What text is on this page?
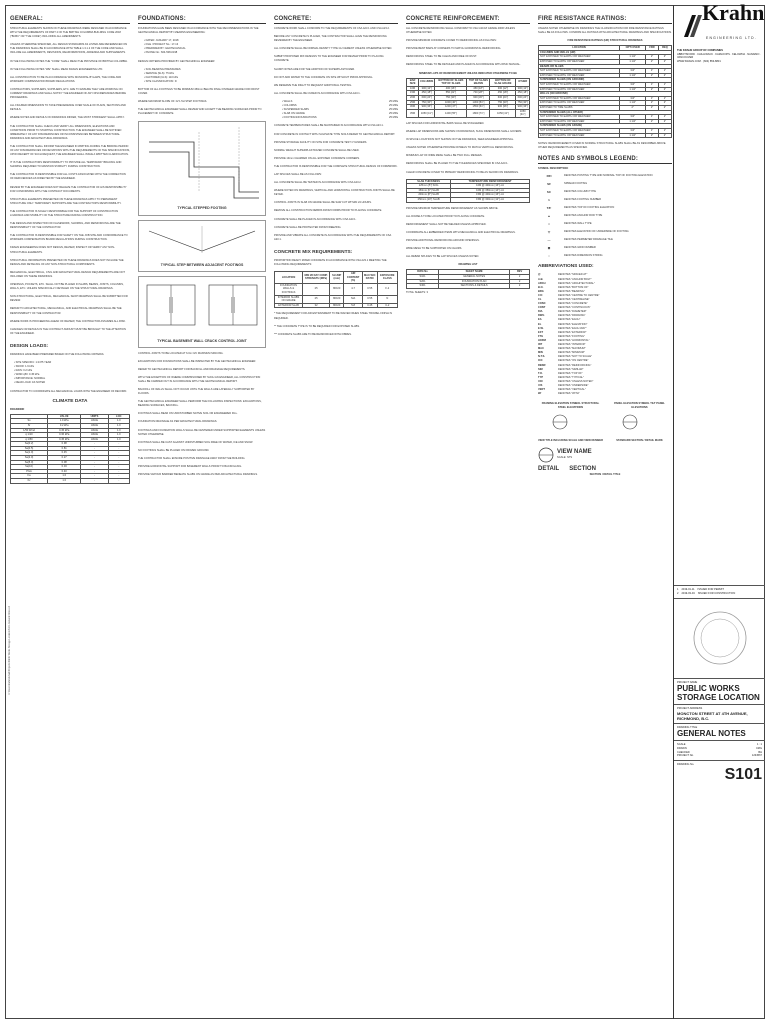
C:\Users\krahn\default\Projects\Public Works Storage Location\S101-General Notes.rvt
GENERAL:

STRUCTURAL ELEMENTS SHOWN ON THESE DRAWINGS WERE DESIGNED IN ACCORDANCE WITH THE REQUIREMENTS OF PART 4 OF THE BRITISH COLUMBIA BUILDING CODE 2018 ("BCBC" OR "THE CODE") INCLUDING ALL AMENDMENTS.

UNLESS OTHERWISE SPECIFIED, ALL DESIGN STANDARDS AS LISTED ARE REFERENCED ON THE DRAWINGS SHALL BE IN ACCORDANCE WITH TABLE 1.3.1.2 OF THE CODE AND SHALL INCLUDE ALL AMENDMENTS, REVISIONS, REAFFIRMATIONS, ADDENDA AND SUPPLEMENTS.

IN THE FOLLOWING NOTES THE "CODE" SHALL MEAN THE PROVINCE OF BRITISH COLUMBIA.

IN THE FOLLOWING NOTES "WE" SHALL MEAN KRAHN ENGINEERING LTD.

ALL CONSTRUCTION TO BE IN ACCORDANCE WITH MUNICIPAL BYLAWS, THE CODE AND WORKERS' COMPENSATION BOARD REGULATIONS.

CONTRACTORS, SUPPLIERS, SUPPLIERS, ETC. ARE TO ENSURE THEY ARE WORKING ON CURRENT DRAWINGS AND SHALL NOTIFY THE ENGINEER OF ANY DISCREPANCIES BEFORE PROCEEDING.

ALL FIGURED DIMENSIONS TO TAKE PRECEDENCE OVER SCALE OF PLANS, SECTIONS AND DETAILS.

WHERE NOTES AND DETAILS ON DRAWINGS DIFFER, THE MOST STRINGENT SHALL APPLY.

THE CONTRACTOR SHALL CHECK AND VERIFY ALL DIMENSIONS, ELEVATIONS AND CONDITIONS PRIOR TO STARTING CONSTRUCTION. THE ENGINEER SHALL BE NOTIFIED IMMEDIATELY OF ANY DISCREPANCIES OR INCONSISTENCIES BETWEEN STRUCTURAL DRAWINGS AND ARCHITECTURAL DRAWINGS.

THE CONTRACTOR SHALL INFORM THE ENGINEER IN WRITING DURING THE BIDDING PERIOD OF ANY DISCREPANCIES OR DEVIATIONS WITH THE REQUIREMENTS OF THE SPECIFICATIONS, UPON RECEIPT OF SUCH REQUEST, THE ENGINEER SHALL ISSUE A WRITTEN CLARIFICATION.

IT IS THE CONTRACTORS RESPONSIBILITY TO PROVIDE ALL TEMPORARY BRACING AND SHORING REQUIRED TO MAINTAIN STABILITY DURING CONSTRUCTION.

THE CONTRACTOR IS RESPONSIBLE FOR ALL COSTS ASSOCIATED WITH THE CORRECTION OF DEFICIENCIES AS DIRECTED BY THE ENGINEER.

REVIEW BY THE ENGINEER DOES NOT RELIEVE THE CONTRACTOR OF HIS RESPONSIBILITY FOR CONFORMING WITH THE CONTRACT DOCUMENTS.

STRUCTURAL ELEMENTS PRESENTED ON THESE DRAWINGS APPLY TO PERMANENT STRUCTURE ONLY. TEMPORARY SUPPORTS ARE THE CONTRACTOR'S RESPONSIBILITY.

THE CONTRACTOR IS SOLELY RESPONSIBLE FOR THE SUPPORT OF CONSTRUCTION LOADINGS AND STABILITY OF THE STRUCTURE DURING CONSTRUCTION.

THE DESIGN AND INSPECTION OF FALSEWORK, SHORING, AND REINFORCING ARE THE RESPONSIBILITY OF THE CONTRACTOR.

THE CONTRACTOR IS RESPONSIBLE FOR SAFETY ON THE JOB SITE AND CONFORMANCE TO WORKERS COMPENSATION BOARD REGULATIONS DURING CONSTRUCTION.

KRAHN ENGINEERING DOES NOT DESIGN, REVIEW, INSPECT OR VERIFY ANY NON-STRUCTURAL ELEMENTS.

STRUCTURAL INFORMATION PRESENTED ON THESE DRAWINGS DOES NOT INCLUDE THE DESIGN AND DETAILING OF ANY NON-STRUCTURAL COMPONENTS.

MECHANICAL, ELECTRICAL, CIVIL AND ARCHITECTURAL DESIGN REQUIREMENTS ARE NOT INCLUDED ON THESE DRAWINGS.

OPENINGS, POCKETS, ETC. SHALL NOT BE PLACED IN SLABS, BEAMS, JOISTS, COLUMNS, WALLS, ETC. UNLESS SPECIFICALLY DETAILED ON THE STRUCTURAL DRAWINGS.

NON-STRUCTURAL, ELECTRICAL, MECHANICAL SHOP DRAWINGS SHALL BE SUBMITTED FOR REVIEW.

REPAIR TO ARCHITECTURAL, MECHANICAL, AND ELECTRICAL DRAWINGS SHALL BE THE RESPONSIBILITY OF THE CONTRACTOR.

WHERE WORK IS PROCEEDING AHEAD OF REVIEW, THE CONTRACTOR ASSUMES ALL RISK.

CHANGES OR DETAILS IN THE CONTRACT AMOUNT MUST BE BROUGHT TO THE ATTENTION OF THE ENGINEER.

DESIGN LOADS:

DRAWINGS HAVE BEEN PREPARED BASED ON THE FOLLOWING CRITERIA:

• SITE SPECIFIC: 1:2475 YEAR
• SNOW: 1.9 kPa
• RAIN: 0.2 kPa
• WIND q50: 0.45 kPa
• IMPORTANCE: NORMAL
• DEAD LOAD: AS NOTED

CONTRACTOR TO COORDINATE ALL MECHANICAL LOADS WITH THE ENGINEER OF RECORD.

CLIMATE DATA
RICHMOND
	VALUE	UNITS	LOC
Ss	1.9 kPa	ASCE	1.0
Sr	0.2 kPa	ASCE	1.0
1/50 Wind	0.45 kPa	ASCE	1.0
q 1/10	0.36 kPa	ASCE	1.0
q 1/50	0.45 kPa	ASCE	1.0
Sa(0.2)	0.98	-	-
Sa(0.5)	0.81	-	-
Sa(1.0)	0.45	-	-
Sa(2.0)	0.27	-	-
Sa(5.0)	0.08	-	-
Sa(10)	0.03	-	-
PGA	0.40	-	-
Fa	1.0	-	-
Fv	1.0	-	-
FOUNDATIONS:

FOUNDATIONS HAVE BEEN DESIGNED IN ACCORDANCE WITH THE RECOMMENDATIONS IN THE GEOTECHNICAL REPORT BY MEARNS ENGINEERING:

• DATED: JANUARY 17, 2018
• FILE / PROJECT No.: 17-13
• PREPARED BY: GEOTECHNICAL
• PHONE No.: 604-538-0198

DESIGN CRITERIA PROVIDED BY GEOTECHNICAL ENGINEER:

• SOIL BEARING PRESSURES
• SERVICE (SLS): 75 kPa
• FACTORED (ULS): 110 kPa
• SITE CLASSIFICATION: D

BOTTOM OF ALL FOOTINGS TO BE MINIMUM 450mm BELOW FINAL FINISHED GRADE FOR FROST COVER.

WHERE MAXIMUM SLOPE OF 1V:1.5H STEP FOOTINGS.

THE GEOTECHNICAL ENGINEER SHALL REVIEW AND ACCEPT THE BEARING SURFACES PRIOR TO PLACEMENT OF CONCRETE.

TYPICAL STEPPED FOOTING
TYPICAL STEP BETWEEN ADJACENT FOOTINGS
TYPICAL BASEMENT WALL CRACK CONTROL JOINT

CONTROL JOINTS TO BE LOCATED AT 6.0m O/C MAXIMUM SPACING.

EXCAVATIONS FOR FOUNDATIONS SHALL BE INSPECTED BY THE GEOTECHNICAL ENGINEER.

REFER TO GEOTECHNICAL REPORT FOR BACKFILL AND DRAINAGE REQUIREMENTS.

WITH THE EXCEPTION OF WHERE COMMISSIONED BY SUCH AN ENGINEER, ALL CONSTRUCTION SHALL BE CARRIED OUT IN ACCORDANCE WITH THE GEOTECHNICAL REPORT.

BACKFILL OF WALLS SHALL NOT OCCUR UNTIL THE WALLS ARE LATERALLY SUPPORTED BY FLOORS.

THE GEOTECHNICAL ENGINEER SHALL PERFORM THE FOLLOWING INSPECTIONS: EXCAVATIONS, BEARING SURFACES, BACKFILL.

FOOTINGS SHALL BEAR ON UNDISTURBED NATIVE SOIL OR ENGINEERED FILL.

FOUNDATION DRAINAGE AS PER ARCHITECTURAL DRAWINGS.

FOOTINGS AND FOUNDATION WALLS SHALL BE CENTERED UNDER SUPPORTED ELEMENTS UNLESS NOTED OTHERWISE.

FOOTINGS SHALL BE CAST AGAINST UNDISTURBED SOIL FREE OF WATER, ICE AND SNOW.

NO FOOTINGS SHALL BE PLACED ON FROZEN GROUND.

THE CONTRACTOR SHALL ENSURE POSITIVE DRAINAGE AWAY FROM THE BUILDING.

PROVIDE HORIZONTAL SUPPORT FOR BASEMENT WALLS PRIOR TO BACKFILLING.

PROVIDE VAPOUR BARRIER BENEATH SLABS ON GRADE AS PER ARCHITECTURAL DRAWINGS.

CONCRETE:

CONCRETE WORK SHALL CONFORM TO THE REQUIREMENTS OF CSA A23.1 AND CSA A23.2.

BEFORE ANY CONCRETE IS PLACED, THE CONTRACTOR SHALL HAVE THE REINFORCING REVIEWED BY THE ENGINEER.

ALL CONCRETE SHALL BE NORMAL DENSITY TYPE GU CEMENT UNLESS OTHERWISE NOTED.

SUBMIT PROPOSED MIX DESIGNS TO THE ENGINEER FOR REVIEW PRIOR TO PLACING CONCRETE.

SLUMP NOTES ARE FOR THE ADDITION OF SUPERPLASTICIZER.

DO NOT ADD WATER TO THE CONCRETE ON SITE WITHOUT PRIOR APPROVAL.

WE RESERVE THE RIGHT TO REQUEST ADDITIONAL TESTING.

ALL CONCRETE SHALL BE CURED IN ACCORDANCE WITH CSA A23.1.

• WALLS	25 MPa
• COLUMNS	25 MPa
• SUSPENDED SLABS	25 MPa
• SLAB ON GRADE	25 MPa
• FOOTINGS/FOUNDATIONS	25 MPa

CONCRETE TEMPERATURES SHALL BE MAINTAINED IN ACCORDANCE WITH CSA A23.1.

FOR CONCRETE IN CONTACT WITH SULPHATE TYPE SOILS REFER TO GEOTECHNICAL REPORT.

PROVIDE STORAGE FACILITY ON SITE FOR CONCRETE TEST CYLINDERS.

NORMAL WEIGHT SUPERPLASTICIZED CONCRETE SHALL BE USED.

PROVIDE 19mm CHAMFER ON ALL EXPOSED CONCRETE CORNERS.

THE CONTRACTOR IS RESPONSIBLE FOR THE COMPLETE STRUCTURAL DESIGN OF FORMWORK.

LAP SPLICES SHALL BE AS FOLLOWS:

ALL CONCRETE SHALL BE TESTED IN ACCORDANCE WITH CSA A23.2.

WHERE NOTED ON DRAWINGS, VERTICAL AND HORIZONTAL CONSTRUCTION JOINTS SHALL BE KEYED.

CONTROL JOINTS IN SLAB ON GRADE SHALL BE SAW CUT WITHIN 24 HOURS.

REMOVE ALL CONSTRUCTION DEBRIS FROM FORMS PRIOR TO PLACING CONCRETE.

CONCRETE SHALL BE PLACED IN ACCORDANCE WITH CSA A23.1.

CONCRETE SHALL BE PROTECTED FROM FREEZING.

PROVIDE AND VIBRATE ALL CONCRETE IN ACCORDANCE WITH THE REQUIREMENTS OF CSA A23.1.

CONCRETE MIX REQUIREMENTS:

PROPORTION READY MIXED CONCRETE IN ACCORDANCE WITH CSA A23.1 MEETING THE FOLLOWING REQUIREMENTS:

LOCATION	MIN 28 DAY COMP. STRENGTH (MPa)	SLUMP (mm)	AIR CONTENT (%)	MAX W/C RATIO	EXPOSURE CLASS
FOUNDATION WALLS & FOOTINGS	25	80±20	4-7	0.55	F-2
INTERIOR SLABS ON GRADE	25	80±20	N/A	0.55	N
EXTERIOR SLAB	32	80±20	5-8	0.45	C-2

* THE REQUIREMENT FOR AIR ENTRAINMENT TO BE WAIVED WHEN STEEL TROWEL FINISH IS REQUIRED.

** THE CONCRETE TYPE IS TO BE REQUIRED FOR EXPOSED SLABS.

*** CONCRETE SLABS ARE TO BE REINFORCED WITH FIBRES.

CONCRETE REINFORCEMENT:

ALL CONCRETE REINFORCING SHALL CONFORM TO CSA G30.18 GRADE 400R UNLESS OTHERWISE NOTED.

PROVIDE MINIMUM CONCRETE COVER TO REINFORCING AS FOLLOWS:

PROVIDE BENT BARS AT CORNERS TO MATCH HORIZONTAL REINFORCING.

REINFORCING STEEL TO BE CLEAN AND FREE OF RUST.

REINFORCING STEEL TO BE DETAILED AND PLACED IN ACCORDANCE WITH RSIC MANUAL.

MINIMUM LAPS OF REINFORCEMENT UNLESS INDICATED OTHERWISE TO BE
BAR SIZE	COLUMNS	BOTTOM OF SLABS TOP OF SLABS	TOP OF SLABS BEAMS	BOTTOM OF SLAB GRADE	OTHER
10M	300 [12"]	400 [16"]	450 [18"]	300 [12"]	300 [12"]
15M	450 [18"]	550 [22"]	700 [28"]	450 [18"]	450 [18"]
20M	600 [24"]	750 [30"]	900 [36"]	600 [24"]	600 [24"]
25M	750 [30"]	1000 [40"]	1300 [51"]	750 [30"]	750 [30"]
30M	900 [36"]	1200 [47"]	1550 [61"]	900 [36"]	900 [36"]
35M	1050 [41"]	1400 [55"]	1800 [71"]	1050 [41"]	1050 [41"]

LAP SPLICES FOR HORIZONTAL BARS SHALL BE STAGGERED.

WHERE LAP DIMENSIONS ARE SHOWN ON DRAWINGS, SUCH DIMENSIONS SHALL GOVERN.

IN SPLICE LOCATIONS NOT SHOWN ON THE DRAWINGS, SEEK ENGINEER APPROVAL.

UNLESS NOTED OTHERWISE PROVIDE DOWELS TO MATCH VERTICAL REINFORCING.

MINIMUM LAP OF WIRE MESH SHALL BE TWO FULL MESHES.

REINFORCING SHALL BE PLACED TO THE TOLERANCES SPECIFIED IN CSA A23.1.

CLEAR CONCRETE COVER TO PRIMARY REINFORCING TO BE AS SHOWN ON DRAWINGS.

SLAB THICKNESS	TEMPERATURE REINFORCEMENT
125mm [5"] SOG	10M @ 400mm [16"] o/c
150mm [6"] SLAB	10M @ 350mm [14"] o/c
200mm [8"] SLAB	15M @ 400mm [16"] o/c
250mm [10"] SLAB	15M @ 300mm [12"] o/c

PROVIDE MINIMUM TEMPERATURE REINFORCEMENT AS SHOWN ABOVE.

ALL DOWELS TO BE LOCATED PRIOR TO PLACING CONCRETE.

REINFORCEMENT SHALL NOT BE WELDED UNLESS APPROVED.

COORDINATE ALL EMBEDDED ITEMS WITH MECHANICAL AND ELECTRICAL DRAWINGS.

PROVIDE ADDITIONAL REINFORCING AROUND OPENINGS.

WIRE MESH TO BE SUPPORTED ON CHAIRS.

ALL REBAR SPLICES TO BE LAP SPLICES UNLESS NOTED.

DRAWING LIST
DWG No	SHEET NAME	REV
S101	GENERAL NOTES	2
S201	FOUNDATION PLAN	2
S301	SECTIONS & DETAILS	2
TOTAL SHEETS: 3
FIRE RESISTANCE RATINGS:

UNLESS NOTED OTHERWISE ON DRAWINGS THE CLASSIFICATION FOR FIRE RESISTANCE RATINGS SHALL BE AS FOLLOWS. CONFIRM ALL RATINGS WITH ARCHITECTURAL DRAWINGS AND SPECIFICATIONS.

FIRE RESISTANCE RATINGS (HR) STRUCTURAL DRAWINGS
LOCATION	OPT/ OVER	FRR	REQ
COLUMNS AND WALLS (HR)			
NOT EXPOSED TO EARTH OR WEATHER	1 1/2"	2"	2"
EXPOSED TO EARTH OR WEATHER	1 1/2"	2"	2"
BEAMS OR SLABS			
NOT EXPOSED TO EARTH OR WEATHER	3/4"	1"	1"
EXPOSED TO EARTH OR WEATHER	1 1/2"	2"	2"
SUSPENDED SLABS (ON GROUND)			
NOT EXPOSED TO EARTH OR WEATHER	3/4"	1"	1"
EXPOSED TO EARTH OR WEATHER	1 1/2"	2"	2"
WALLS (ON GROUND)			
NOT EXPOSED TO EARTH OR WEATHER	3/4"	1"	1"
EXPOSED TO EARTH OR WEATHER	1 1/2"	2"	2"
EXPOSED TO TIRE SLABS	2"	2"	2"
SUSPENDED SLABS (ALL OTHER)			
NOT EXPOSED TO EARTH OR WEATHER	3/4"	1"	1"
EXPOSED TO EARTH OR WEATHER	1 1/2"	2"	2"
SUSPENDED SLABS (ON GRADE)			
NOT EXPOSED TO EARTH OR WEATHER	3/4"	1"	1"
EXPOSED TO EARTH OR WEATHER	1 1/2"	2"	2"

NOTES: REINFORCEMENT COVER IN NORMAL STRUCTURAL SLABS SHALL BE AS DESCRIBED ABOVE. OTHER REQUIREMENTS AS SPECIFIED.

NOTES AND SYMBOLS LEGEND:
SYMBOL DESCRIPTION:
RFI	DENOTES POSTING TYPE AND NOMINAL TOP OF FOOTING ELEVATION
SF	SPREAD FOOTING
SC	DENOTES COLUMN TYPE
1	DENOTES FOOTING NUMBER
T/F	DENOTES TOP OF FOOTING ELEVATION
▲	DENOTES ANCHOR ROD TYPE
□	DENOTES WALL TYPE
▽	DENOTES ELEVATION OF UNDERSIDE OF FOOTING
—	DENOTES PERIMETER DRAINAGE TILE
⊠	DENOTES GRID NUMBER
↕	DENOTES DIMENSION STRING
ABBREVIATIONS USED:
@	DENOTES "SPACED AT"
A.B.	DENOTES "ANCHOR BOLT"
ARCH	DENOTES "ARCHITECTURAL"
B.O.	DENOTES "BOTTOM OF"
BRG	DENOTES "BEARING"
C/C	DENOTES "CENTRE TO CENTRE"
CL	DENOTES "CENTRELINE"
CONC	DENOTES "CONCRETE"
CONT	DENOTES "CONTINUOUS"
DIA	DENOTES "DIAMETER"
DWG	DENOTES "DRAWING"
EA	DENOTES "EACH"
EL	DENOTES "ELEVATION"
E.W.	DENOTES "EACH WAY"
EXT	DENOTES "EXTERIOR"
FTG	DENOTES "FOOTING"
HORIZ	DENOTES "HORIZONTAL"
INT	DENOTES "INTERIOR"
MAX	DENOTES "MAXIMUM"
MIN	DENOTES "MINIMUM"
N.T.S.	DENOTES "NOT TO SCALE"
O/C	DENOTES "ON CENTRE"
REINF	DENOTES "REINFORCING"
SIM	DENOTES "SIMILAR"
T.O.	DENOTES "TOP OF"
TYP	DENOTES "TYPICAL"
U/N	DENOTES "UNLESS NOTED"
U/S	DENOTES "UNDERSIDE"
VERT	DENOTES "VERTICAL"
W/	DENOTES "WITH"
FRAMING ELEVATION SYMBOL STRUCTURAL STEEL ELEVATIONS
PANEL ELEVATION SYMBOL TILT PANEL ELEVATIONS
VIEW TITLE INCLUDING SCALE AND VIEW NUMBER	STANDARD SECTION / DETAIL MARK
VIEW NAME
SCALE: NTS
DETAIL SECTION
SECTION / DETAIL TITLE
Krahn
ENGINEERING LTD.
THE KRAHN GROUP OF COMPANIES
ABBOTSFORD · CHILLIWACK · KAMLOOPS · KELOWNA · NANAIMO · VANCOUVER
WWW.KRAHN.COM · (604) 853-8831
1 2019-01-11 ISSUED FOR PERMIT
2 2019-03-04 ISSUED FOR CONSTRUCTION
PROJECT NAME
PUBLIC WORKS STORAGE LOCATION
PROJECT ADDRESS
MONCTON STREET AT 4TH AVENUE, RICHMOND, B.C.
DRAWING TITLE
GENERAL NOTES
SCALE	1 : 1
DRAWN	CMG
CHECKED	BH
PROJECT No.	1234567
DRAWING No.
S101
